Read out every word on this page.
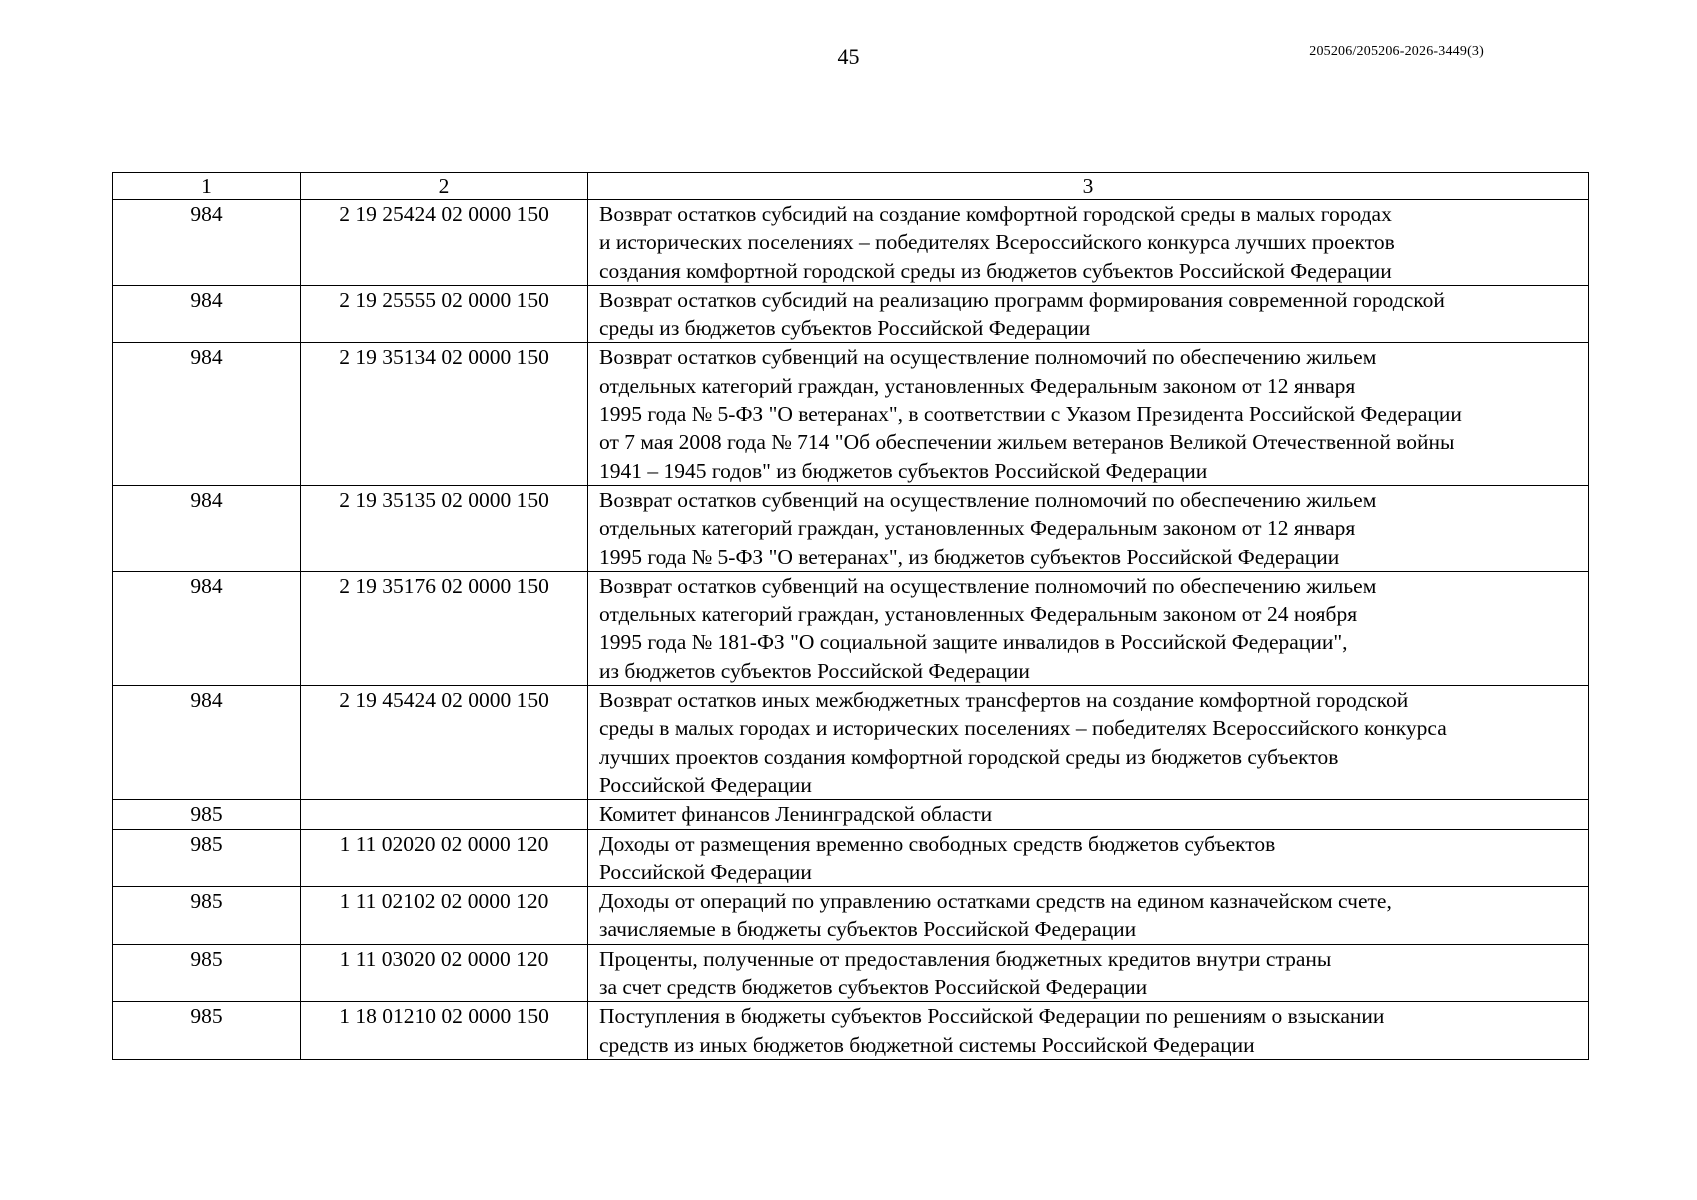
45	205206/205206-2026-3449(3)
1	2	3
984	2 19 25424 02 0000 150	Возврат остатков субсидий на создание комфортной городской среды в малых городах
и исторических поселениях – победителях Всероссийского конкурса лучших проектов
создания комфортной городской среды из бюджетов субъектов Российской Федерации

984	2 19 25555 02 0000 150	Возврат остатков субсидий на реализацию программ формирования современной городской
среды из бюджетов субъектов Российской Федерации

984	2 19 35134 02 0000 150	Возврат остатков субвенций на осуществление полномочий по обеспечению жильем
отдельных категорий граждан, установленных Федеральным законом от 12 января
1995 года № 5-ФЗ "О ветеранах", в соответствии с Указом Президента Российской Федерации
от 7 мая 2008 года № 714 "Об обеспечении жильем ветеранов Великой Отечественной войны
1941 – 1945 годов" из бюджетов субъектов Российской Федерации

984	2 19 35135 02 0000 150	Возврат остатков субвенций на осуществление полномочий по обеспечению жильем
отдельных категорий граждан, установленных Федеральным законом от 12 января
1995 года № 5-ФЗ "О ветеранах", из бюджетов субъектов Российской Федерации

984	2 19 35176 02 0000 150	Возврат остатков субвенций на осуществление полномочий по обеспечению жильем
отдельных категорий граждан, установленных Федеральным законом от 24 ноября
1995 года № 181-ФЗ "О социальной защите инвалидов в Российской Федерации",
из бюджетов субъектов Российской Федерации

984	2 19 45424 02 0000 150	Возврат остатков иных межбюджетных трансфертов на создание комфортной городской
среды в малых городах и исторических поселениях – победителях Всероссийского конкурса
лучших проектов создания комфортной городской среды из бюджетов субъектов
Российской Федерации

985		Комитет финансов Ленинградской области

985	1 11 02020 02 0000 120	Доходы от размещения временно свободных средств бюджетов субъектов
Российской Федерации

985	1 11 02102 02 0000 120	Доходы от операций по управлению остатками средств на едином казначейском счете,
зачисляемые в бюджеты субъектов Российской Федерации

985	1 11 03020 02 0000 120	Проценты, полученные от предоставления бюджетных кредитов внутри страны
за счет средств бюджетов субъектов Российской Федерации

985	1 18 01210 02 0000 150	Поступления в бюджеты субъектов Российской Федерации по решениям о взыскании
средств из иных бюджетов бюджетной системы Российской Федерации
